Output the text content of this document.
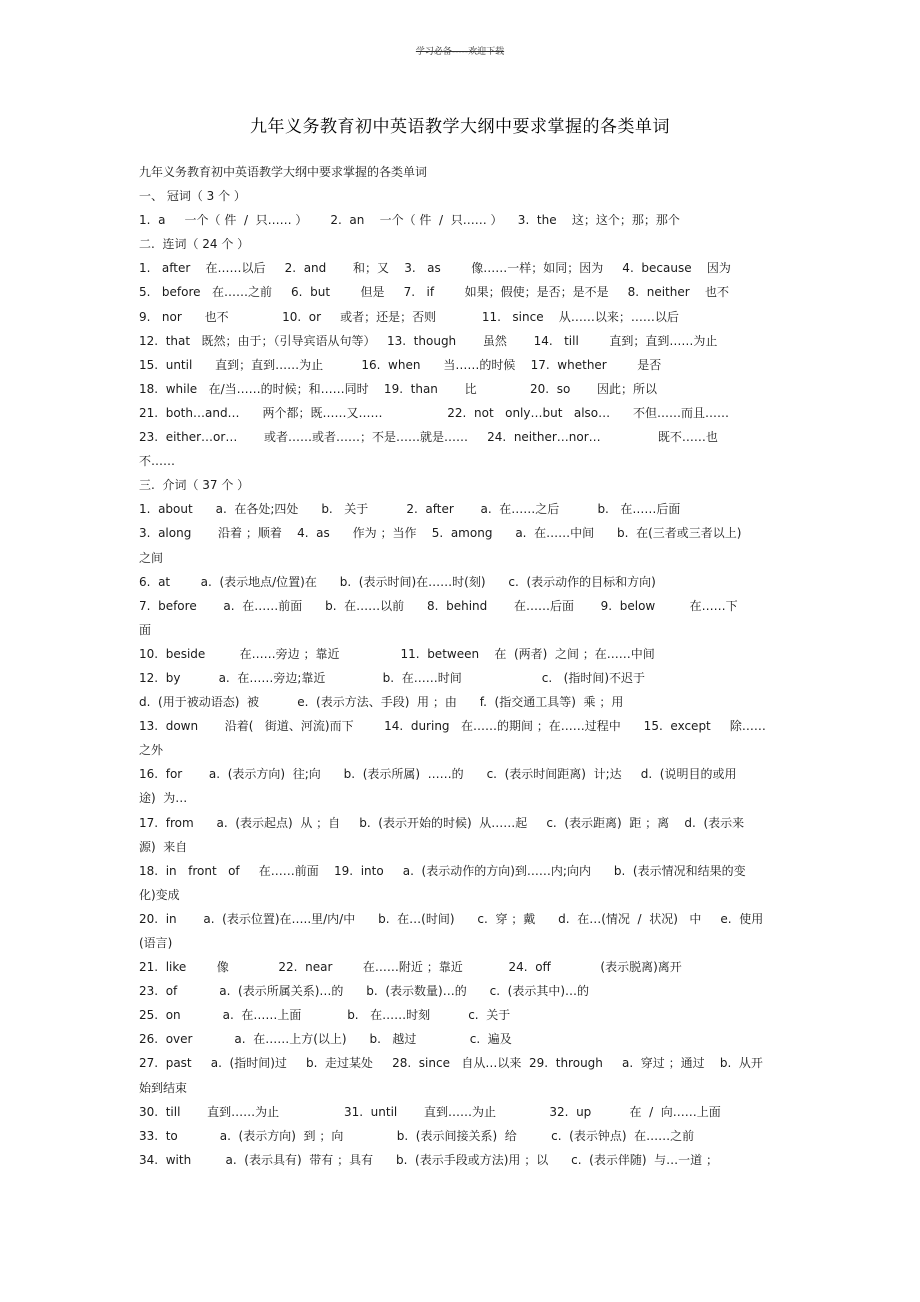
学习必备-----欢迎下载
九年义务教育初中英语教学大纲中要求掌握的各类单词
九年义务教育初中英语教学大纲中要求掌握的各类单词
一、 冠词（ 3 个 ）
1.  a     一个（ 件  /  只…… ）      2.  an    一个（ 件  /  只…… ）    3.  the    这；这个；那；那个
二.  连词（ 24 个 ）
1.   after    在……以后     2.  and       和；又    3.   as        像……一样；如同；因为     4.  because    因为
5.   before   在……之前     6.  but        但是     7.   if        如果；假使；是否；是不是     8.  neither    也不
9.   nor      也不              10.  or     或者；还是；否则            11.   since    从……以来；……以后
12.  that   既然；由于；（引导宾语从句等）   13.  though       虽然       14.   till        直到；直到……为止
15.  until      直到；直到……为止          16.  when      当……的时候    17.  whether        是否
18.  while   在/当……的时候；和……同时    19.  than       比              20.  so       因此；所以
21.  both…and…      两个都；既……又……                 22.  not   only…but   also…      不但……而且……
23.  either…or…       或者……或者……；不是……就是……     24.  neither…nor…               既不……也
不……
三.  介词（ 37 个 ）
1.  about      a.  在各处;四处      b.   关于          2.  after       a.  在……之后          b.   在……后面
3.  along       沿着 ；顺着    4.  as      作为 ；当作    5.  among      a.  在……中间      b.  在(三者或三者以上)
之间
6.  at        a.  (表示地点/位置)在      b.  (表示时间)在……时(刻)      c.  (表示动作的目标和方向)
7.  before       a.  在……前面      b.  在……以前      8.  behind       在……后面       9.  below         在……下
面
10.  beside         在……旁边 ；靠近                11.  between    在  (两者)  之间 ；在……中间
12.  by          a.  在……旁边;靠近               b.  在……时间                     c.   (指时间)不迟于
d.  (用于被动语态)  被          e.  (表示方法、手段)  用 ；由      f.  (指交通工具等)  乘 ；用
13.  down       沿着(   街道、河流)而下        14.  during   在……的期间 ；在……过程中      15.  except     除……
之外
16.  for       a.  (表示方向)  往;向      b.  (表示所属)  ……的      c.  (表示时间距离)  计;达     d.  (说明目的或用
途)  为…
17.  from      a.  (表示起点)  从 ；自     b.  (表示开始的时候)  从……起     c.  (表示距离)  距 ；离    d.  (表示来
源)  来自
18.  in   front   of     在……前面    19.  into     a.  (表示动作的方向)到……内;向内      b.  (表示情况和结果的变
化)变成
20.  in       a.  (表示位置)在…..里/内/中      b.  在…(时间)      c.  穿 ；戴      d.  在…(情况  /  状况)   中     e.  使用
(语言)
21.  like        像             22.  near        在……附近 ；靠近            24.  off             (表示脱离)离开
23.  of           a.  (表示所属关系)…的      b.  (表示数量)…的      c.  (表示其中)…的
25.  on           a.  在……上面            b.   在……时刻          c.  关于
26.  over           a.  在……上方(以上)      b.   越过              c.  遍及
27.  past     a.  (指时间)过     b.  走过某处     28.  since   自从…以来  29.  through     a.  穿过 ；通过    b.  从开
始到结束
30.  till       直到……为止                 31.  until       直到……为止              32.  up          在  /  向……上面
33.  to           a.  (表示方向)  到 ；向              b.  (表示间接关系)  给         c.  (表示钟点)  在……之前
34.  with         a.  (表示具有)  带有 ；具有      b.  (表示手段或方法)用 ；以      c.  (表示伴随)  与…一道 ；
